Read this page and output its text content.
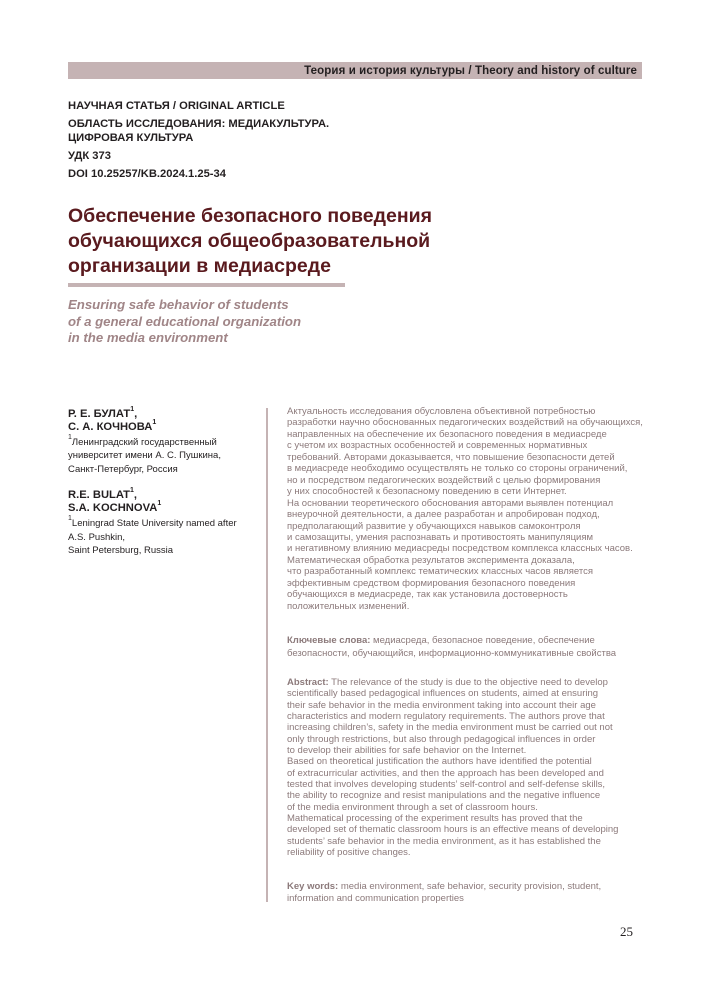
Теория и история культуры / Theory and history of culture
НАУЧНАЯ СТАТЬЯ / ORIGINAL ARTICLE
ОБЛАСТЬ ИССЛЕДОВАНИЯ: МЕДИАКУЛЬТУРА.
ЦИФРОВАЯ КУЛЬТУРА
УДК 373
DOI 10.25257/KB.2024.1.25-34
Обеспечение безопасного поведения
обучающихся общеобразовательной
организации в медиасреде
Ensuring safe behavior of students
of a general educational organization
in the media environment
Р. Е. БУЛАТ$^1$,
С. А. КОЧНОВА$^1$
$^1$Ленинградский государственный
университет имени А. С. Пушкина,
Санкт-Петербург, Россия
R.E. BULAT$^1$,
S.A. KOCHNOVA$^1$
$^1$Leningrad State University named after
A.S. Pushkin,
Saint Petersburg, Russia

Актуальность исследования обусловлена объективной потребностью
разработки научно обоснованных педагогических воздействий на обучающихся,
направленных на обеспечение их безопасного поведения в медиасреде
с учетом их возрастных особенностей и современных нормативных
требований. Авторами доказывается, что повышение безопасности детей
в медиасреде необходимо осуществлять не только со стороны ограничений,
но и посредством педагогических воздействий с целью формирования
у них способностей к безопасному поведению в сети Интернет.
На основании теоретического обоснования авторами выявлен потенциал
внеурочной деятельности, а далее разработан и апробирован подход,
предполагающий развитие у обучающихся навыков самоконтроля
и самозащиты, умения распознавать и противостоять манипуляциям
и негативному влиянию медиасреды посредством комплекса классных часов.
Математическая обработка результатов эксперимента доказала,
что разработанный комплекс тематических классных часов является
эффективным средством формирования безопасного поведения
обучающихся в медиасреде, так как установила достоверность
положительных изменений.

Ключевые слова: медиасреда, безопасное поведение, обеспечение
безопасности, обучающийся, информационно-коммуникативные свойства

Abstract: The relevance of the study is due to the objective need to develop
scientifically based pedagogical influences on students, aimed at ensuring
their safe behavior in the media environment taking into account their age
characteristics and modern regulatory requirements. The authors prove that
increasing children’s, safety in the media environment must be carried out not
only through restrictions, but also through pedagogical influences in order
to develop their abilities for safe behavior on the Internet.
Based on theoretical justification the authors have identified the potential
of extracurricular activities, and then the approach has been developed and
tested that involves developing students’ self-control and self-defense skills,
the ability to recognize and resist manipulations and the negative influence
of the media environment through a set of classroom hours.
Mathematical processing of the experiment results has proved that the
developed set of thematic classroom hours is an effective means of developing
students’ safe behavior in the media environment, as it has established the
reliability of positive changes.

Key words: media environment, safe behavior, security provision, student,
information and communication properties
25
